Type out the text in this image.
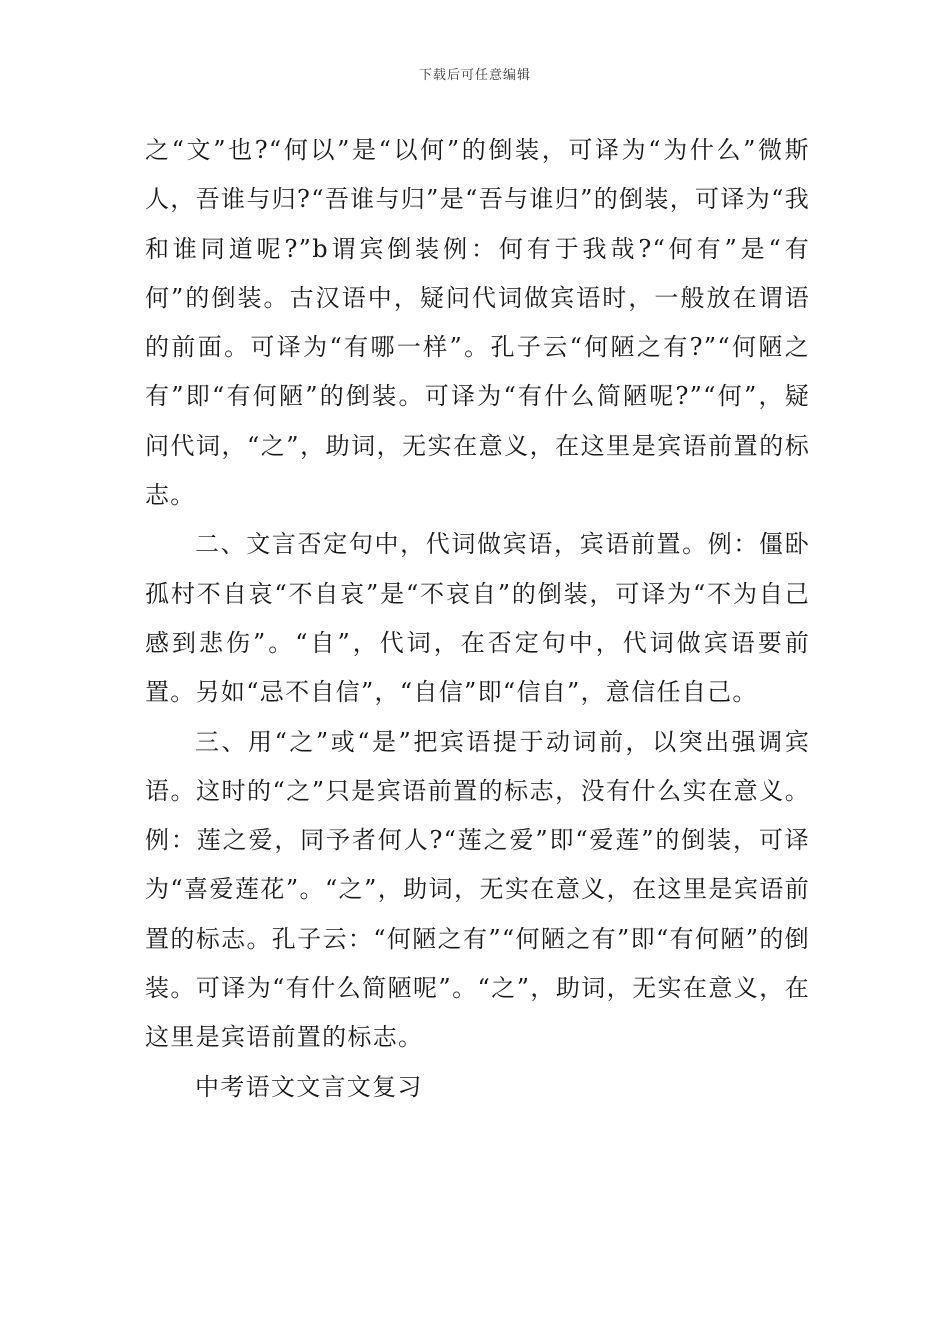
下载后可任意编辑

之“文”也?“何以”是“以何”的倒装，可译为“为什么”微斯人，吾谁与归?“吾谁与归”是“吾与谁归”的倒装，可译为“我和谁同道呢?”b谓宾倒装例：何有于我哉?“何有”是“有何”的倒装。古汉语中，疑问代词做宾语时，一般放在谓语的前面。可译为“有哪一样”。孔子云“何陋之有?”“何陋之有”即“有何陋”的倒装。可译为“有什么简陋呢?”“何”，疑问代词，“之”，助词，无实在意义，在这里是宾语前置的标志。

二、文言否定句中，代词做宾语，宾语前置。例：僵卧孤村不自哀“不自哀”是“不哀自”的倒装，可译为“不为自己感到悲伤”。“自”，代词，在否定句中，代词做宾语要前置。另如“忌不自信”，“自信”即“信自”，意信任自己。

三、用“之”或“是”把宾语提于动词前，以突出强调宾语。这时的“之”只是宾语前置的标志，没有什么实在意义。例：莲之爱，同予者何人?“莲之爱”即“爱莲”的倒装，可译为“喜爱莲花”。“之”，助词，无实在意义，在这里是宾语前置的标志。孔子云：“何陋之有”“何陋之有”即“有何陋”的倒装。可译为“有什么简陋呢”。“之”，助词，无实在意义，在这里是宾语前置的标志。

中考语文文言文复习
